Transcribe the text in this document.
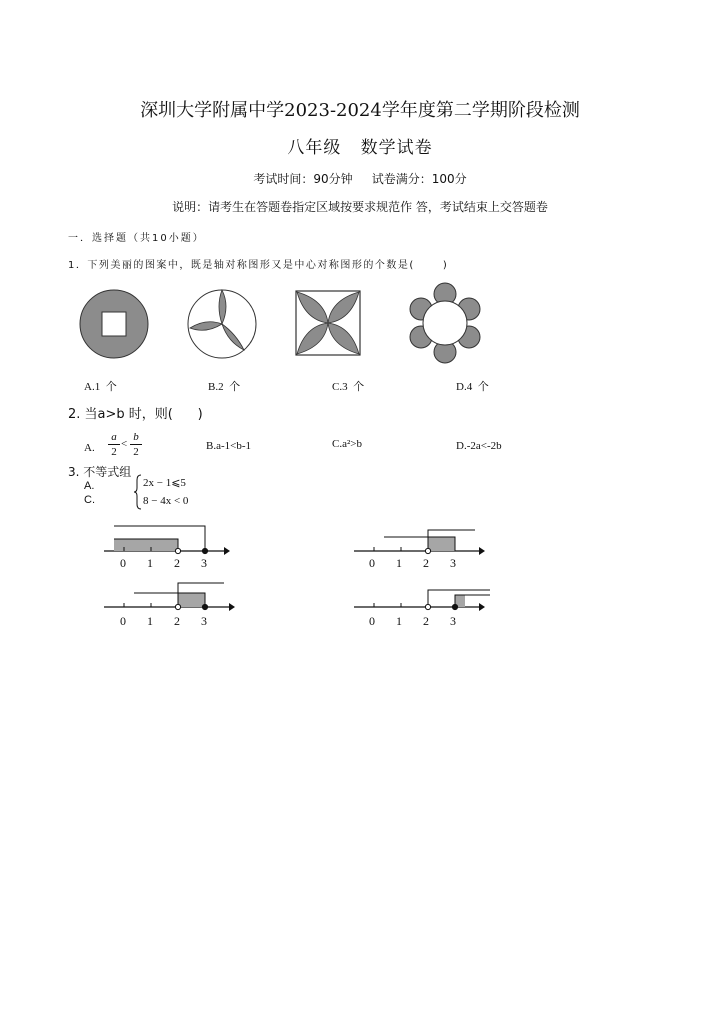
深圳大学附属中学2023-2024学年度第二学期阶段检测
八年级   数学试卷
考试时间：90分钟     试卷满分：100分
说明：请考生在答题卷指定区域按要求规范作 答，考试结束上交答题卷
一．选择题（共10小题）
1．下列美丽的图案中，既是轴对称图形又是中心对称图形的个数是(      )
A.1  个	B.2  个	C.3  个	D.4  个
2. 当a>b 时，则(      )
A. $\frac{a}{2} < \frac{b}{2}$	B.a-1<b-1	C.a²>b	D.-2a<-2b
3. 不等式组
A.
C.
2x − 1⩽5
8 − 4x < 0
0 1 2 3	0 1 2 3
0 1 2 3	0 1 2 3
